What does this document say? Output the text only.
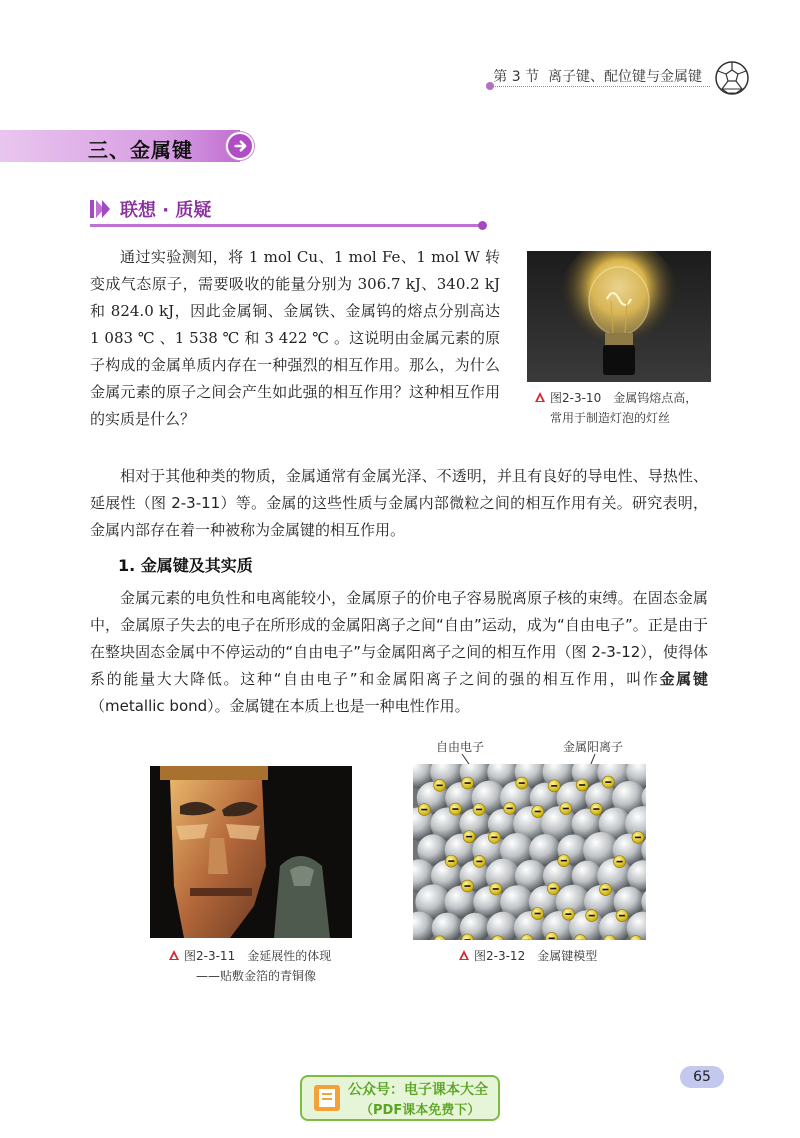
第 3 节 离子键、配位键与金属键
三、金属键
联想 · 质疑
通过实验测知，将 1 mol Cu、1 mol Fe、1 mol W 转变成气态原子，需要吸收的能量分别为 306.7 kJ、340.2 kJ 和 824.0 kJ，因此金属铜、金属铁、金属钨的熔点分别高达 1 083 ℃ 、1 538 ℃ 和 3 422 ℃ 。这说明由金属元素的原子构成的金属单质内存在一种强烈的相互作用。那么，为什么金属元素的原子之间会产生如此强的相互作用？这种相互作用的实质是什么？
图2-3-10　金属钨熔点高，
常用于制造灯泡的灯丝
相对于其他种类的物质，金属通常有金属光泽、不透明，并且有良好的导电性、导热性、延展性（图 2-3-11）等。金属的这些性质与金属内部微粒之间的相互作用有关。研究表明，金属内部存在着一种被称为金属键的相互作用。
1. 金属键及其实质
金属元素的电负性和电离能较小，金属原子的价电子容易脱离原子核的束缚。在固态金属中，金属原子失去的电子在所形成的金属阳离子之间“自由”运动，成为“自由电子”。正是由于在整块固态金属中不停运动的“自由电子”与金属阳离子之间的相互作用（图 2-3-12），使得体系的能量大大降低。这种“自由电子”和金属阳离子之间的强的相互作用，叫作金属键（metallic bond）。金属键在本质上也是一种电性作用。
图2-3-11　金延展性的体现
——贴敷金箔的青铜像
自由电子	金属阳离子
图2-3-12　金属键模型
65
公众号：电子课本大全
（PDF课本免费下）
